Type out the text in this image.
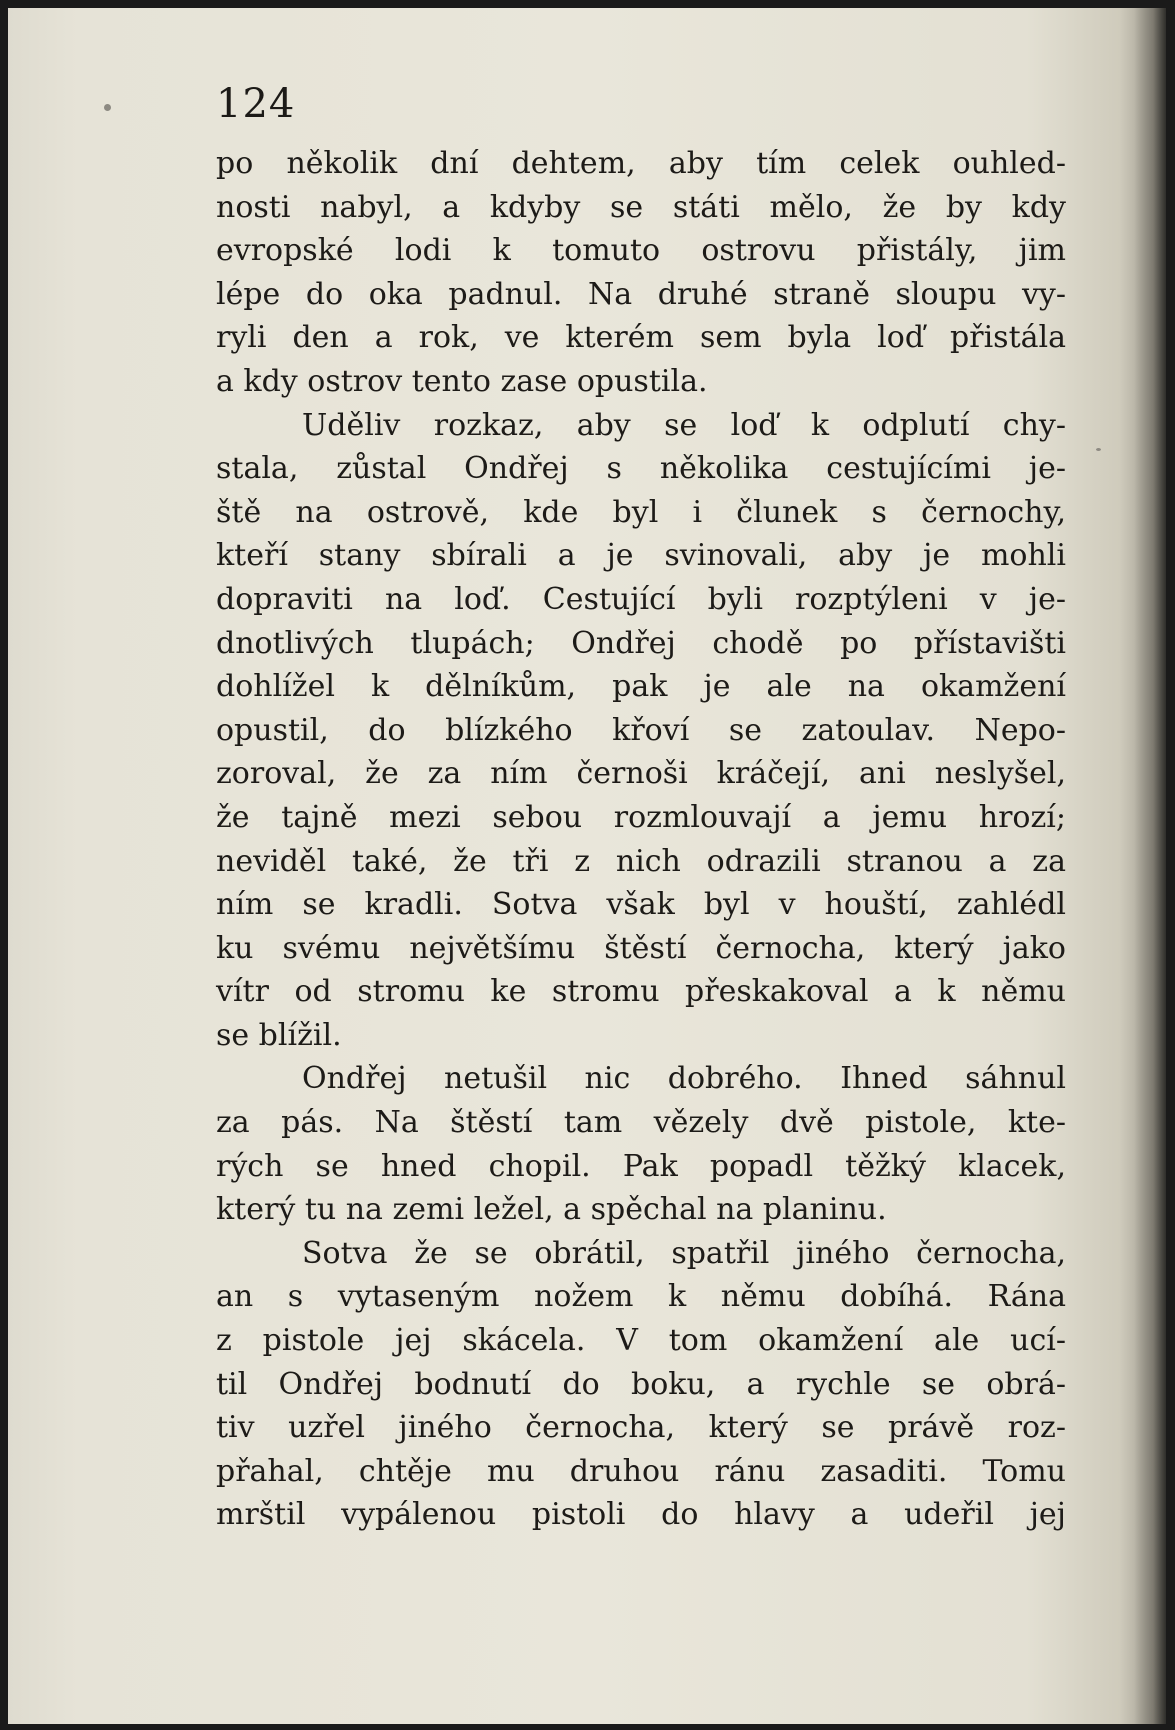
124

po několik dní dehtem, aby tím celek ouhled-
nosti nabyl, a kdyby se státi mělo, že by kdy
evropské lodi k tomuto ostrovu přistály, jim
lépe do oka padnul. Na druhé straně sloupu vy-
ryli den a rok, ve kterém sem byla loď přistála
a kdy ostrov tento zase opustila.
Uděliv rozkaz, aby se loď k odplutí chy-
stala, zůstal Ondřej s několika cestujícími je-
ště na ostrově, kde byl i člunek s černochy,
kteří stany sbírali a je svinovali, aby je mohli
dopraviti na loď. Cestující byli rozptýleni v je-
dnotlivých tlupách; Ondřej chodě po přístavišti
dohlížel k dělníkům, pak je ale na okamžení
opustil, do blízkého křoví se zatoulav. Nepo-
zoroval, že za ním černoši kráčejí, ani neslyšel,
že tajně mezi sebou rozmlouvají a jemu hrozí;
neviděl také, že tři z nich odrazili stranou a za
ním se kradli. Sotva však byl v houští, zahlédl
ku svému největšímu štěstí černocha, který jako
vítr od stromu ke stromu přeskakoval a k němu
se blížil.
Ondřej netušil nic dobrého. Ihned sáhnul
za pás. Na štěstí tam vězely dvě pistole, kte-
rých se hned chopil. Pak popadl těžký klacek,
který tu na zemi ležel, a spěchal na planinu.
Sotva že se obrátil, spatřil jiného černocha,
an s vytaseným nožem k němu dobíhá. Rána
z pistole jej skácela. V tom okamžení ale ucí-
til Ondřej bodnutí do boku, a rychle se obrá-
tiv uzřel jiného černocha, který se právě roz-
přahal, chtěje mu druhou ránu zasaditi. Tomu
mrštil vypálenou pistoli do hlavy a udeřil jej
